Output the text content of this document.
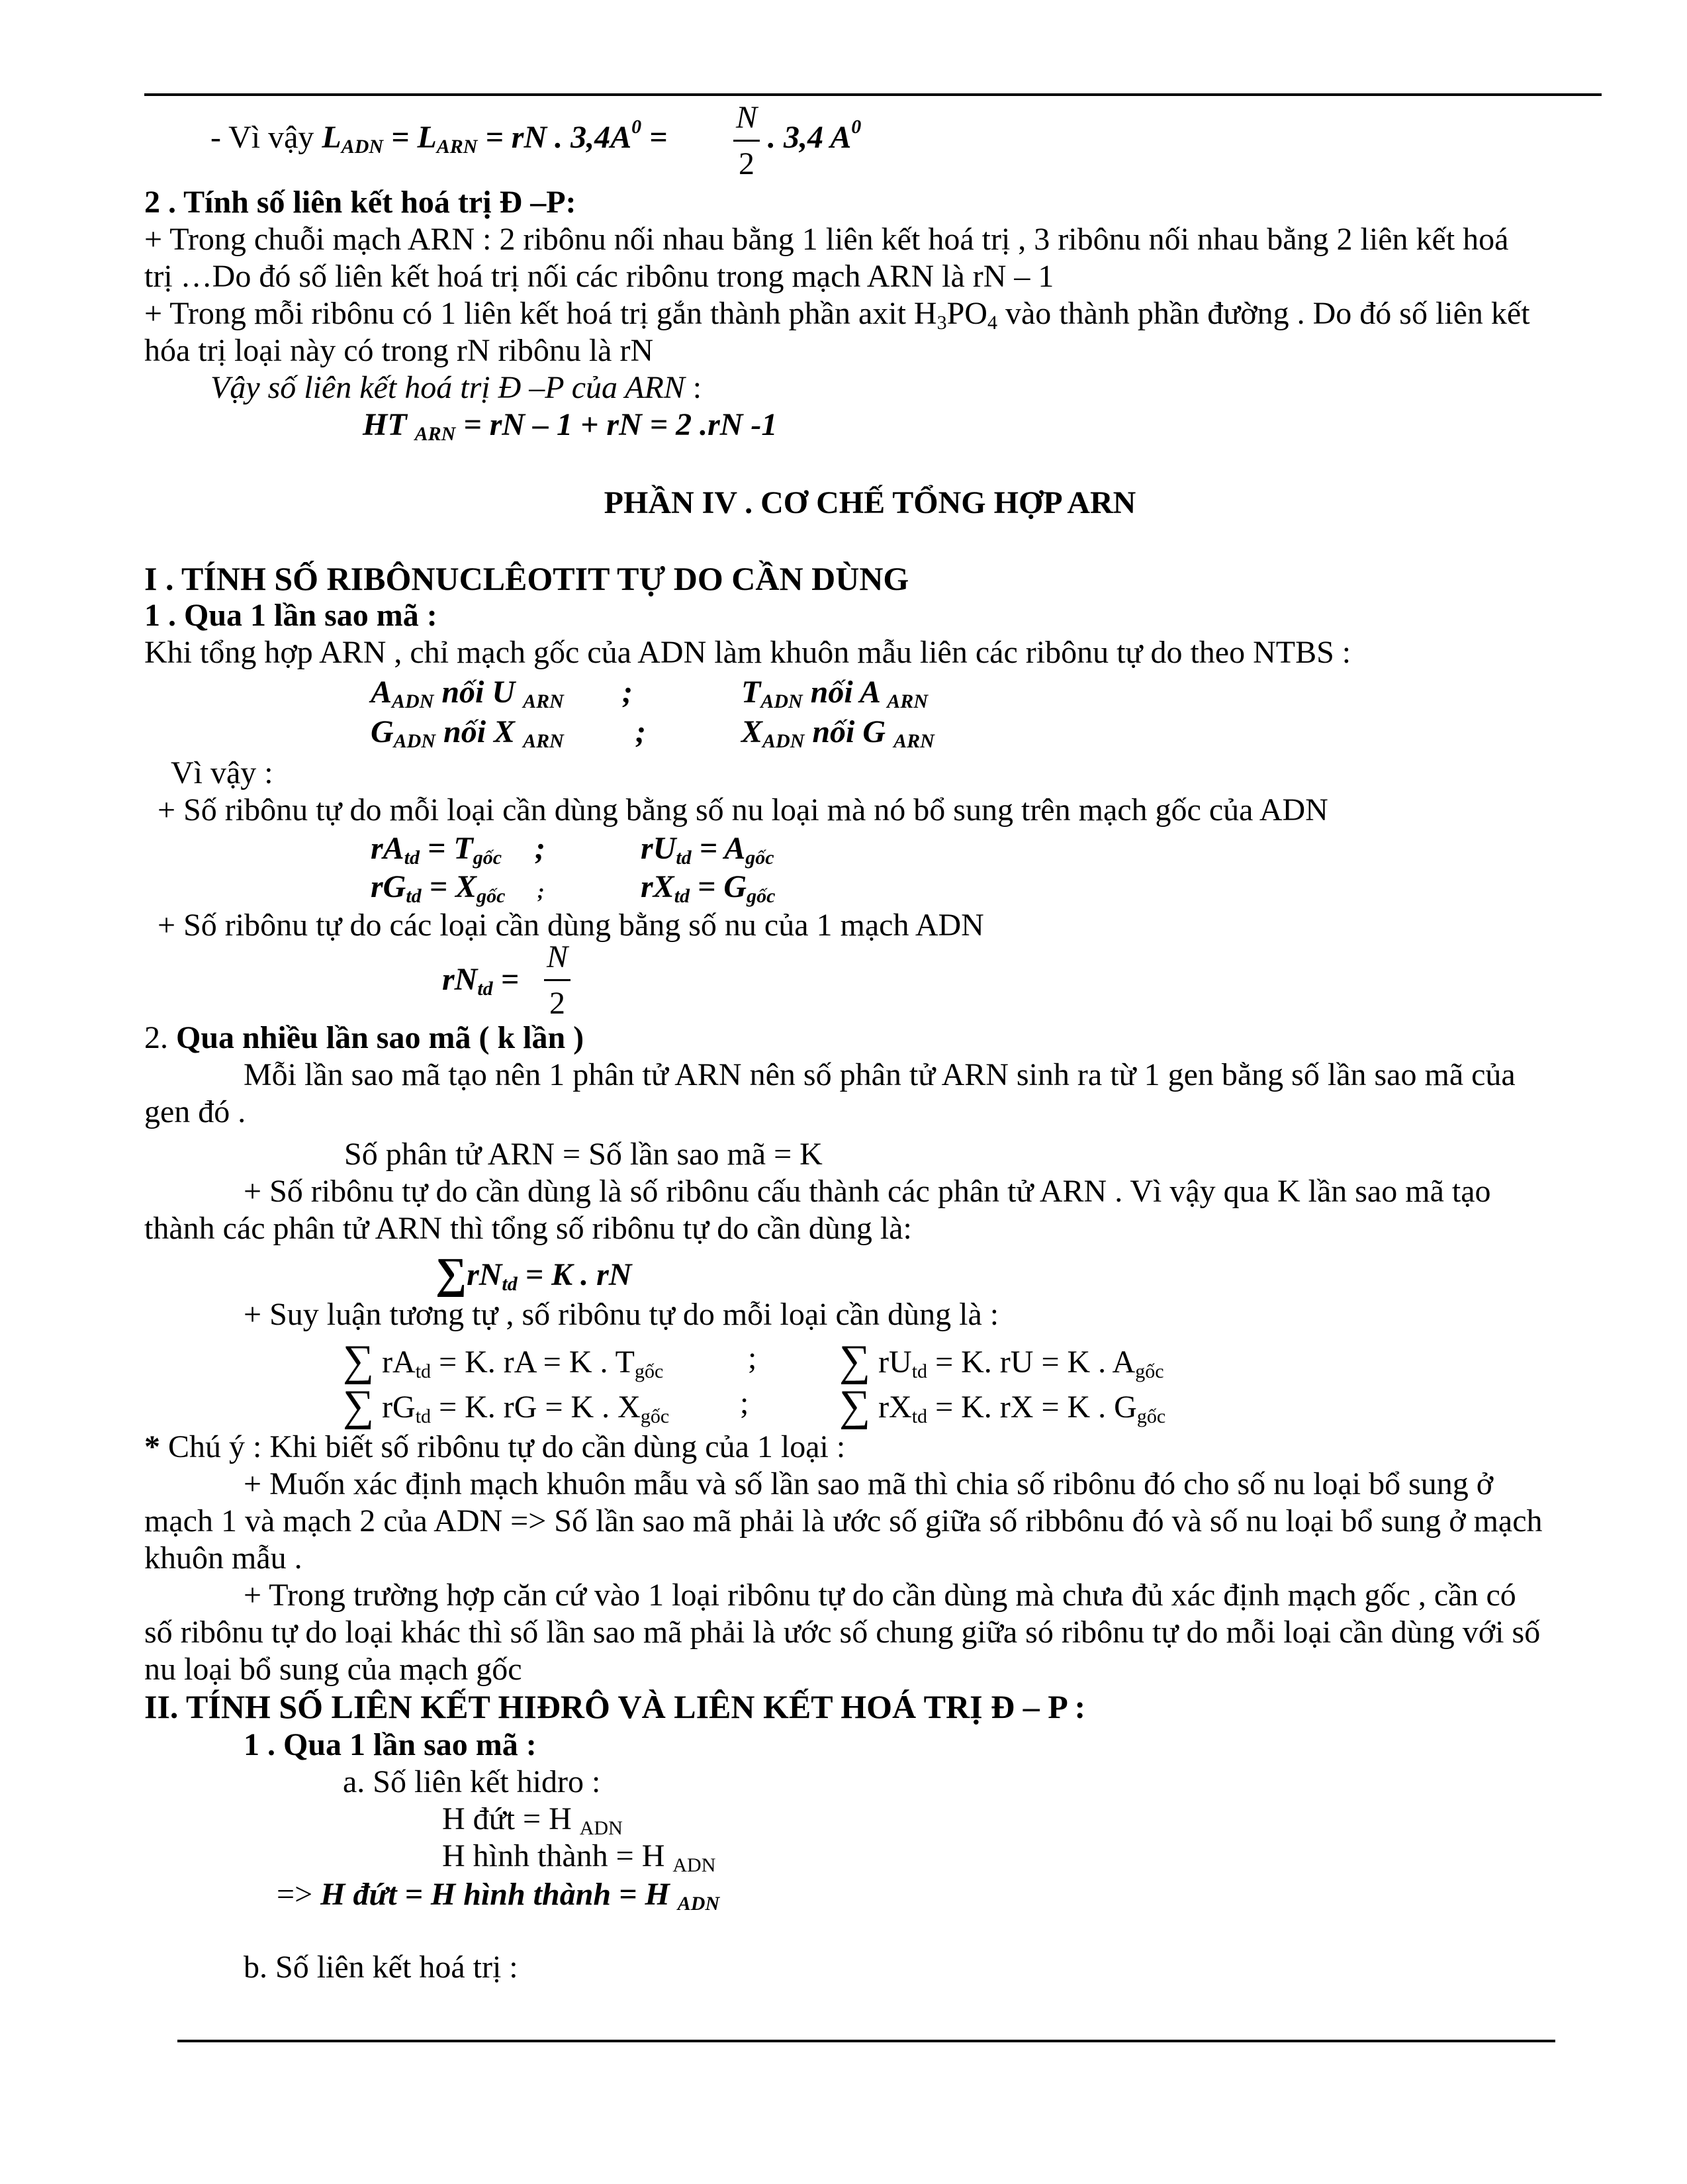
- Vì vậy $L_{ADN} = L_{ARN}$ = rN . $3,4A^0$ =
N
2
. 3,4 $A^0$
2 . Tính số liên kết hoá trị Đ –P:
+ Trong chuỗi mạch ARN : 2 ribônu nối nhau bằng 1 liên kết hoá trị , 3 ribônu nối nhau bằng 2 liên kết hoá
trị …Do đó số liên kết hoá trị nối các ribônu trong mạch ARN là rN – 1
+ Trong mỗi ribônu có 1 liên kết hoá trị gắn thành phần axit $H_3PO_4$ vào thành phần đường . Do đó số liên kết
hóa trị loại này có trong rN ribônu là rN
Vậy số liên kết hoá trị Đ –P của ARN :
HT $_{ARN}$ = rN – 1 + rN = 2 .rN -1
PHẦN IV . CƠ CHẾ TỔNG HỢP ARN
I . TÍNH SỐ RIBÔNUCLÊOTIT TỰ DO CẦN DÙNG
1 . Qua 1 lần sao mã :
Khi tổng hợp ARN , chỉ mạch gốc của ADN làm khuôn mẫu liên các ribônu tự do theo NTBS :
$A_{ADN}$ nối U $_{ARN}$ ;	$T_{ADN}$ nối A $_{ARN}$
$G_{ADN}$ nối X $_{ARN}$ ;	$X_{ADN}$ nối G $_{ARN}$
Vì vậy :
+ Số ribônu tự do mỗi loại cần dùng bằng số nu loại mà nó bổ sung trên mạch gốc của ADN
$rA_{td} = T_{gốc}$ ;	$rU_{td} = A_{gốc}$
$rG_{td} = X_{gốc}$ ;	$rX_{td} = G_{gốc}$
+ Số ribônu tự do các loại cần dùng bằng số nu của 1 mạch ADN
$rN_{td}$ =
N
2
2. Qua nhiều lần sao mã ( k lần )
Mỗi lần sao mã tạo nên 1 phân tử ARN nên số phân tử ARN sinh ra từ 1 gen bằng số lần sao mã của
gen đó .
Số phân tử ARN = Số lần sao mã = K
+ Số ribônu tự do cần dùng là số ribônu cấu thành các phân tử ARN . Vì vậy qua K lần sao mã tạo
thành các phân tử ARN thì tổng số ribônu tự do cần dùng là:
$\sum rN_{td} = K$ . rN
+ Suy luận tương tự , số ribônu tự do mỗi loại cần dùng là :
∑ $rA_{td} = K$. rA = K . $T_{gốc}$	; ∑ $rU_{td} = K$. rU = K . $A_{gốc}$
∑ $rG_{td} = K$. rG = K . $X_{gốc}$ ; ∑ $rX_{td} = K$. rX = K . $G_{gốc}$
* Chú ý : Khi biết số ribônu tự do cần dùng của 1 loại :
+ Muốn xác định mạch khuôn mẫu và số lần sao mã thì chia số ribônu đó cho số nu loại bổ sung ở
mạch 1 và mạch 2 của ADN => Số lần sao mã phải là ước số giữa số ribbônu đó và số nu loại bổ sung ở mạch
khuôn mẫu .
+ Trong trường hợp căn cứ vào 1 loại ribônu tự do cần dùng mà chưa đủ xác định mạch gốc , cần có
số ribônu tự do loại khác thì số lần sao mã phải là ước số chung giữa só ribônu tự do mỗi loại cần dùng với số
nu loại bổ sung của mạch gốc
II. TÍNH SỐ LIÊN KẾT HIĐRÔ VÀ LIÊN KẾT HOÁ TRỊ Đ – P :
1 . Qua 1 lần sao mã :
a. Số liên kết hidro :
H đứt = H $_{ADN}$
H hình thành = H $_{ADN}$
=> H đứt = H hình thành = H $_{ADN}$
b. Số liên kết hoá trị :
